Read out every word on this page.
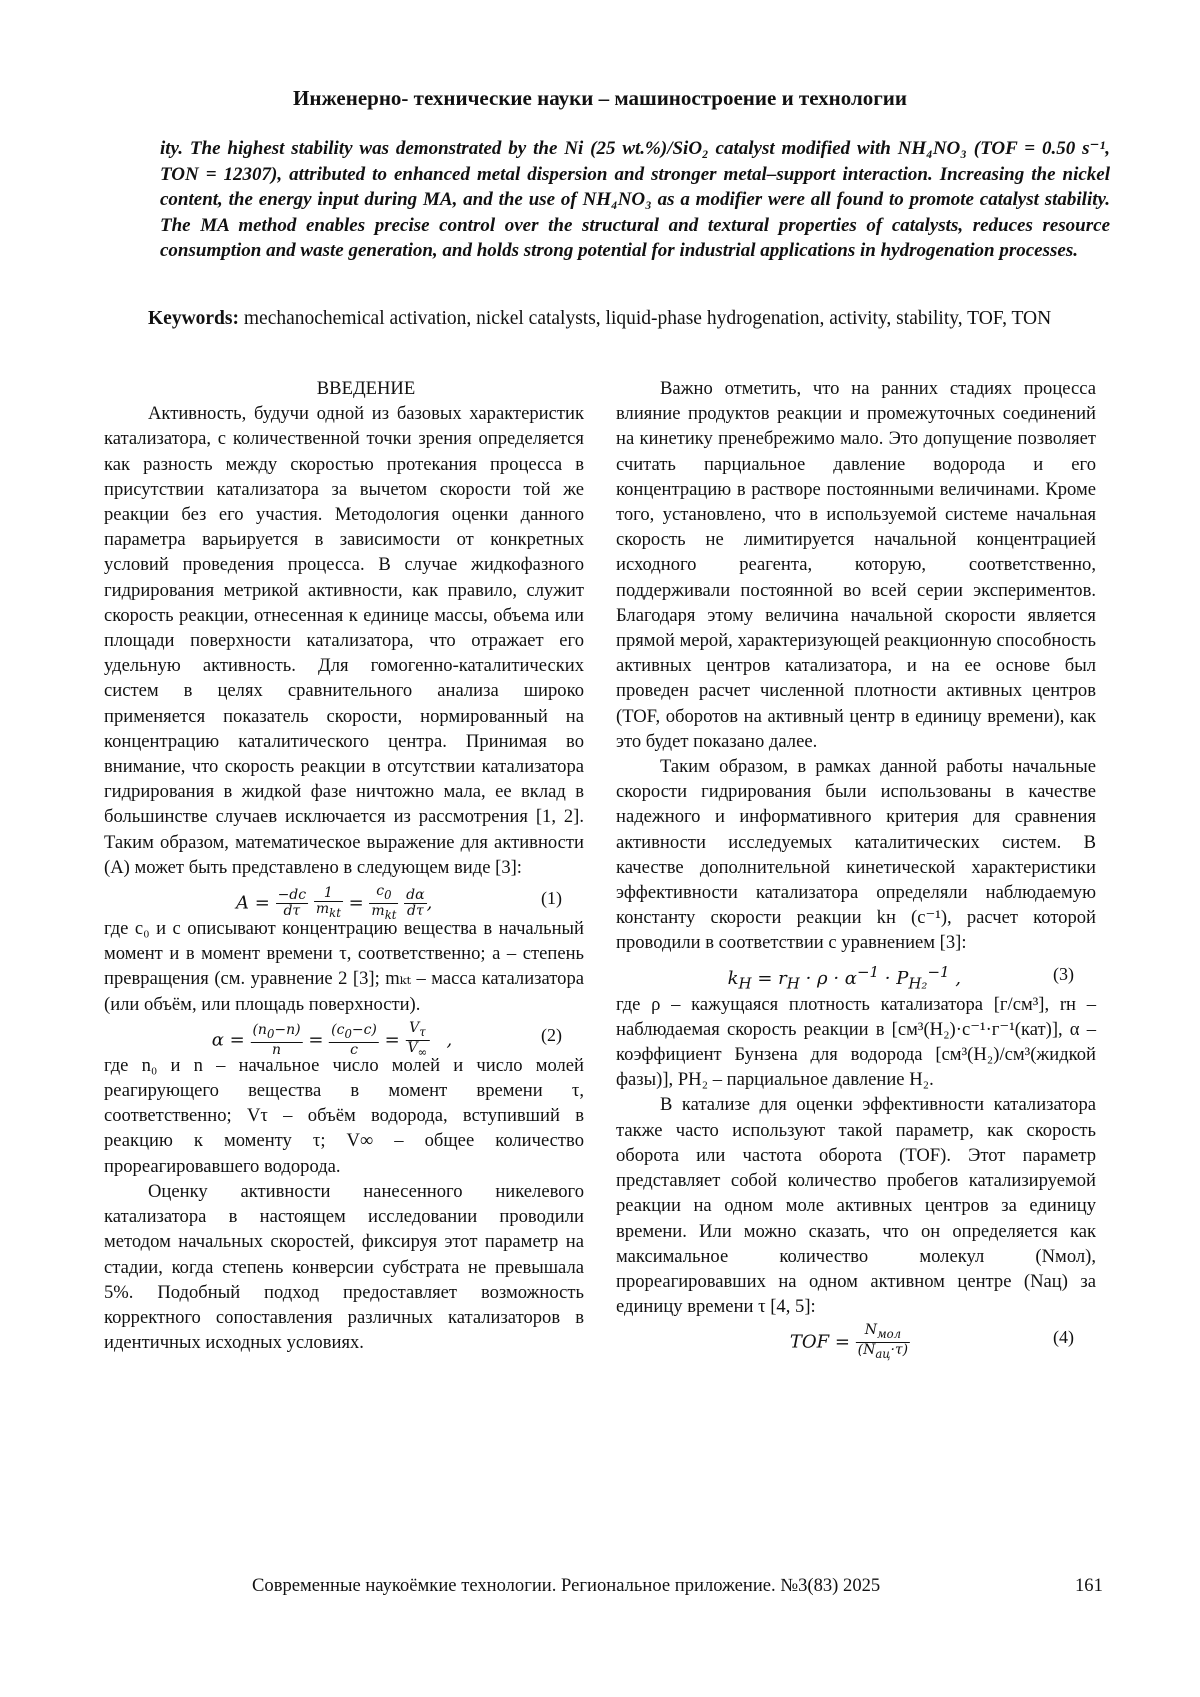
Инженерно- технические науки – машиностроение и технологии
ity. The highest stability was demonstrated by the Ni (25 wt.%)/SiO₂ catalyst modified with NH₄NO₃ (TOF = 0.50 s⁻¹, TON = 12307), attributed to enhanced metal dispersion and stronger metal–support interaction. Increasing the nickel content, the energy input during MA, and the use of NH₄NO₃ as a modifier were all found to promote catalyst stability. The MA method enables precise control over the structural and textural properties of catalysts, reduces resource consumption and waste generation, and holds strong potential for industrial applications in hydrogenation processes.
Keywords: mechanochemical activation, nickel catalysts, liquid-phase hydrogenation, activity, stability, TOF, TON

ВВЕДЕНИЕ

Активность, будучи одной из базовых характеристик катализатора, с количественной точки зрения определяется как разность между скоростью протекания процесса в присутствии катализатора за вычетом скорости той же реакции без его участия. Методология оценки данного параметра варьируется в зависимости от конкретных условий проведения процесса. В случае жидкофазного гидрирования метрикой активности, как правило, служит скорость реакции, отнесенная к единице массы, объема или площади поверхности катализатора, что отражает его удельную активность. Для гомогенно-каталитических систем в целях сравнительного анализа широко применяется показатель скорости, нормированный на концентрацию каталитического центра. Принимая во внимание, что скорость реакции в отсутствии катализатора гидрирования в жидкой фазе ничтожно мала, ее вклад в большинстве случаев исключается из рассмотрения [1, 2]. Таким образом, математическое выражение для активности (А) может быть представлено в следующем виде [3]:

$A = \frac{-dc}{d\tau}$
$\frac{1}{m_{kt}} = \frac{c_0}{m_{kt}}$
$\frac{d\alpha}{d\tau}$ ,	(1)

где c₀ и c описывают концентрацию вещества в начальный момент и в момент времени τ, соответственно; a – степень превращения (см. уравнение 2 [3]; mₖₜ – масса катализатора (или объём, или площадь поверхности).

$\alpha = \frac{(n_0-n)}{n} = \frac{(c_0-c)}{c} = \frac{V_\tau}{V_\infty}$ ,	(2)

где n₀ и n – начальное число молей и число молей реагирующего вещества в момент времени τ, соответственно; Vτ – объём водорода, вступивший в реакцию к моменту τ; V∞ – общее количество прореагировавшего водорода.

Оценку активности нанесенного никелевого катализатора в настоящем исследовании проводили методом начальных скоростей, фиксируя этот параметр на стадии, когда степень конверсии субстрата не превышала 5%. Подобный подход предоставляет возможность корректного сопоставления различных катализаторов в идентичных исходных условиях.

Важно отметить, что на ранних стадиях процесса влияние продуктов реакции и промежуточных соединений на кинетику пренебрежимо мало. Это допущение позволяет считать парциальное давление водорода и его концентрацию в растворе постоянными величинами. Кроме того, установлено, что в используемой системе начальная скорость не лимитируется начальной концентрацией исходного реагента, которую, соответственно, поддерживали постоянной во всей серии экспериментов. Благодаря этому величина начальной скорости является прямой мерой, характеризующей реакционную способность активных центров катализатора, и на ее основе был проведен расчет численной плотности активных центров (TOF, оборотов на активный центр в единицу времени), как это будет показано далее.

Таким образом, в рамках данной работы начальные скорости гидрирования были использованы в качестве надежного и информативного критерия для сравнения активности исследуемых каталитических систем. В качестве дополнительной кинетической характеристики эффективности катализатора определяли наблюдаемую константу скорости реакции kн (с⁻¹), расчет которой проводили в соответствии с уравнением [3]:

$k_Н = r_Н \cdot \rho \cdot \alpha^{-1} \cdot P_{H_2}^{-1}$ ,	(3)

где ρ – кажущаяся плотность катализатора [г/см³], rн – наблюдаемая скорость реакции в [см³(Н₂)·с⁻¹·г⁻¹(кат)], α – коэффициент Бунзена для водорода [см³(Н₂)/см³(жидкой фазы)], PH₂ – парциальное давление Н₂.

В катализе для оценки эффективности катализатора также часто используют такой параметр, как скорость оборота или частота оборота (TOF). Этот параметр представляет собой количество пробегов катализируемой реакции на одном моле активных центров за единицу времени. Или можно сказать, что он определяется как максимальное количество молекул (Nмол), прореагировавших на одном активном центре (Nац) за единицу времени τ [4, 5]:

TOF = $\frac{N_{мол}}{(N_{ац}\cdot\tau)}$	(4)
Современные наукоёмкие технологии. Региональное приложение. №3(83) 2025	161
